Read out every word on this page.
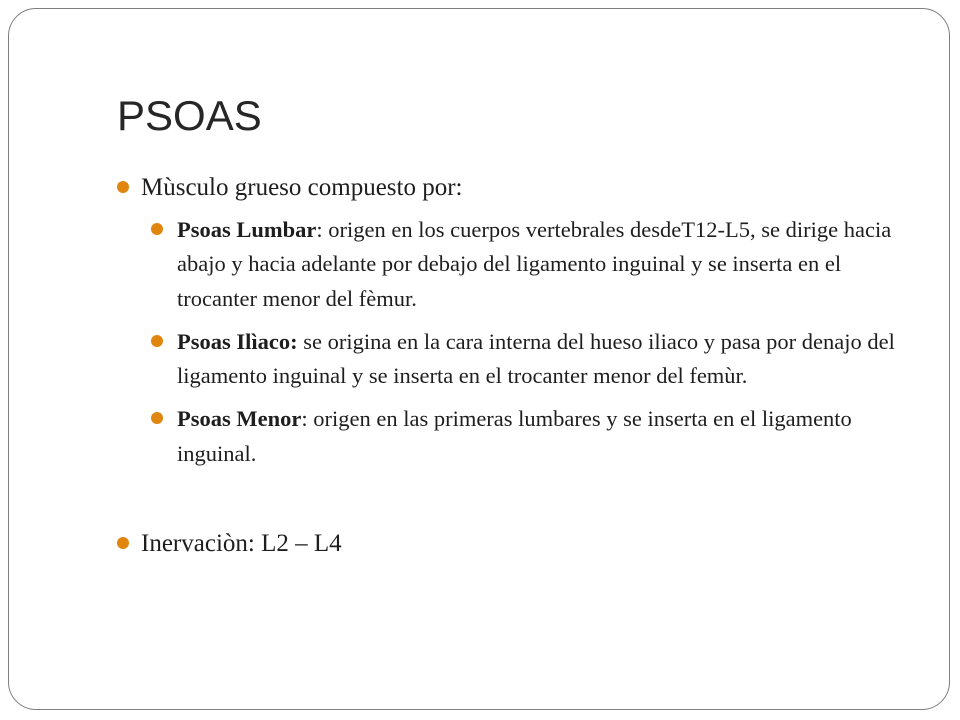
PSOAS
Mùsculo grueso compuesto por:
Psoas Lumbar: origen en los cuerpos vertebrales desdeT12-L5, se dirige hacia abajo y hacia adelante por debajo del ligamento inguinal y se inserta en el trocanter menor del fèmur.
Psoas Ilìaco: se origina en la cara interna del hueso iliaco y pasa por denajo del ligamento inguinal y se inserta en el trocanter menor del femùr.
Psoas Menor: origen en las primeras lumbares y se inserta en el ligamento inguinal.
Inervaciòn: L2 – L4
